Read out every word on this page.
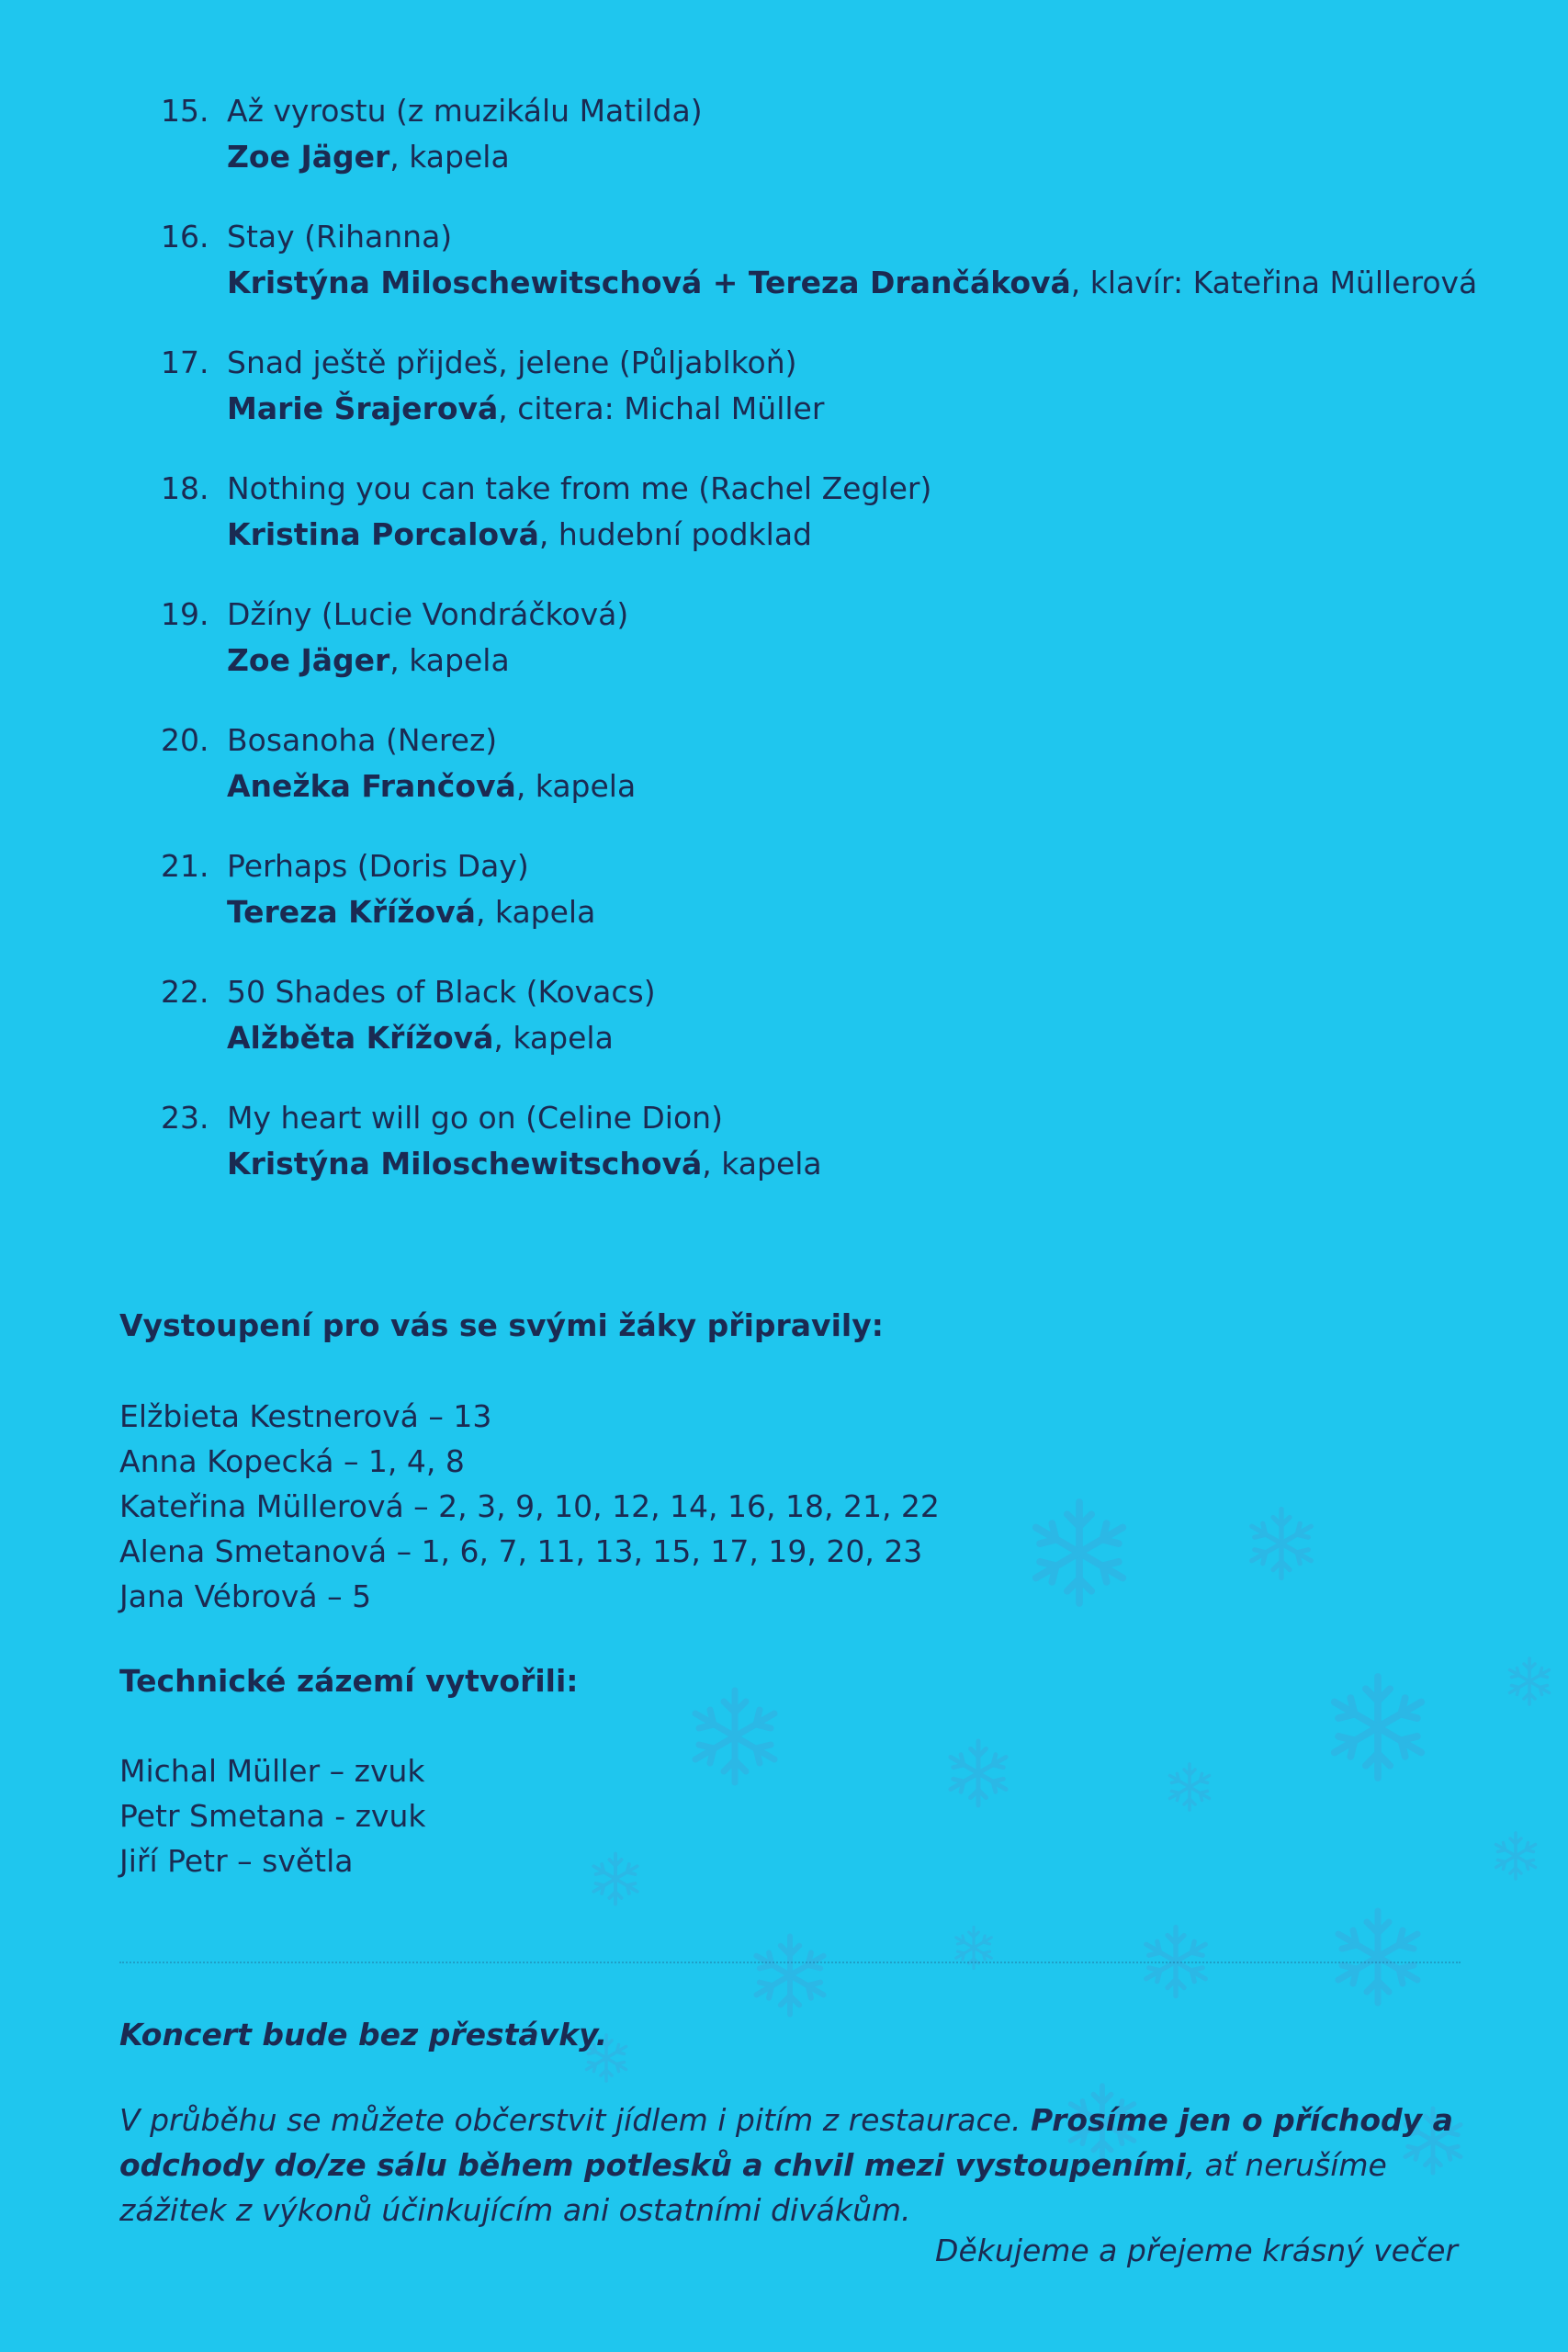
15. Až vyrostu (z muzikálu Matilda)
Zoe Jäger, kapela
16. Stay (Rihanna)
Kristýna Miloschewitschová + Tereza Drančáková, klavír: Kateřina Müllerová
17. Snad ještě přijdeš, jelene (Půljablkoň)
Marie Šrajerová, citera: Michal Müller
18. Nothing you can take from me (Rachel Zegler)
Kristina Porcalová, hudební podklad
19. Džíny (Lucie Vondráčková)
Zoe Jäger, kapela
20. Bosanoha (Nerez)
Anežka Frančová, kapela
21. Perhaps (Doris Day)
Tereza Křížová, kapela
22. 50 Shades of Black (Kovacs)
Alžběta Křížová, kapela
23. My heart will go on (Celine Dion)
Kristýna Miloschewitschová, kapela
Vystoupení pro vás se svými žáky připravily:
Elžbieta Kestnerová – 13
Anna Kopecká – 1, 4, 8
Kateřina Müllerová – 2, 3, 9, 10, 12, 14, 16, 18, 21, 22
Alena Smetanová – 1, 6, 7, 11, 13, 15, 17, 19, 20, 23
Jana Vébrová – 5
Technické zázemí vytvořili:
Michal Müller – zvuk
Petr Smetana - zvuk
Jiří Petr – světla
Koncert bude bez přestávky.
V průběhu se můžete občerstvit jídlem i pitím z restaurace. Prosíme jen o příchody a odchody do/ze sálu během potlesků a chvil mezi vystoupeními, ať nerušíme zážitek z výkonů účinkujícím ani ostatními divákům.
Děkujeme a přejeme krásný večer
